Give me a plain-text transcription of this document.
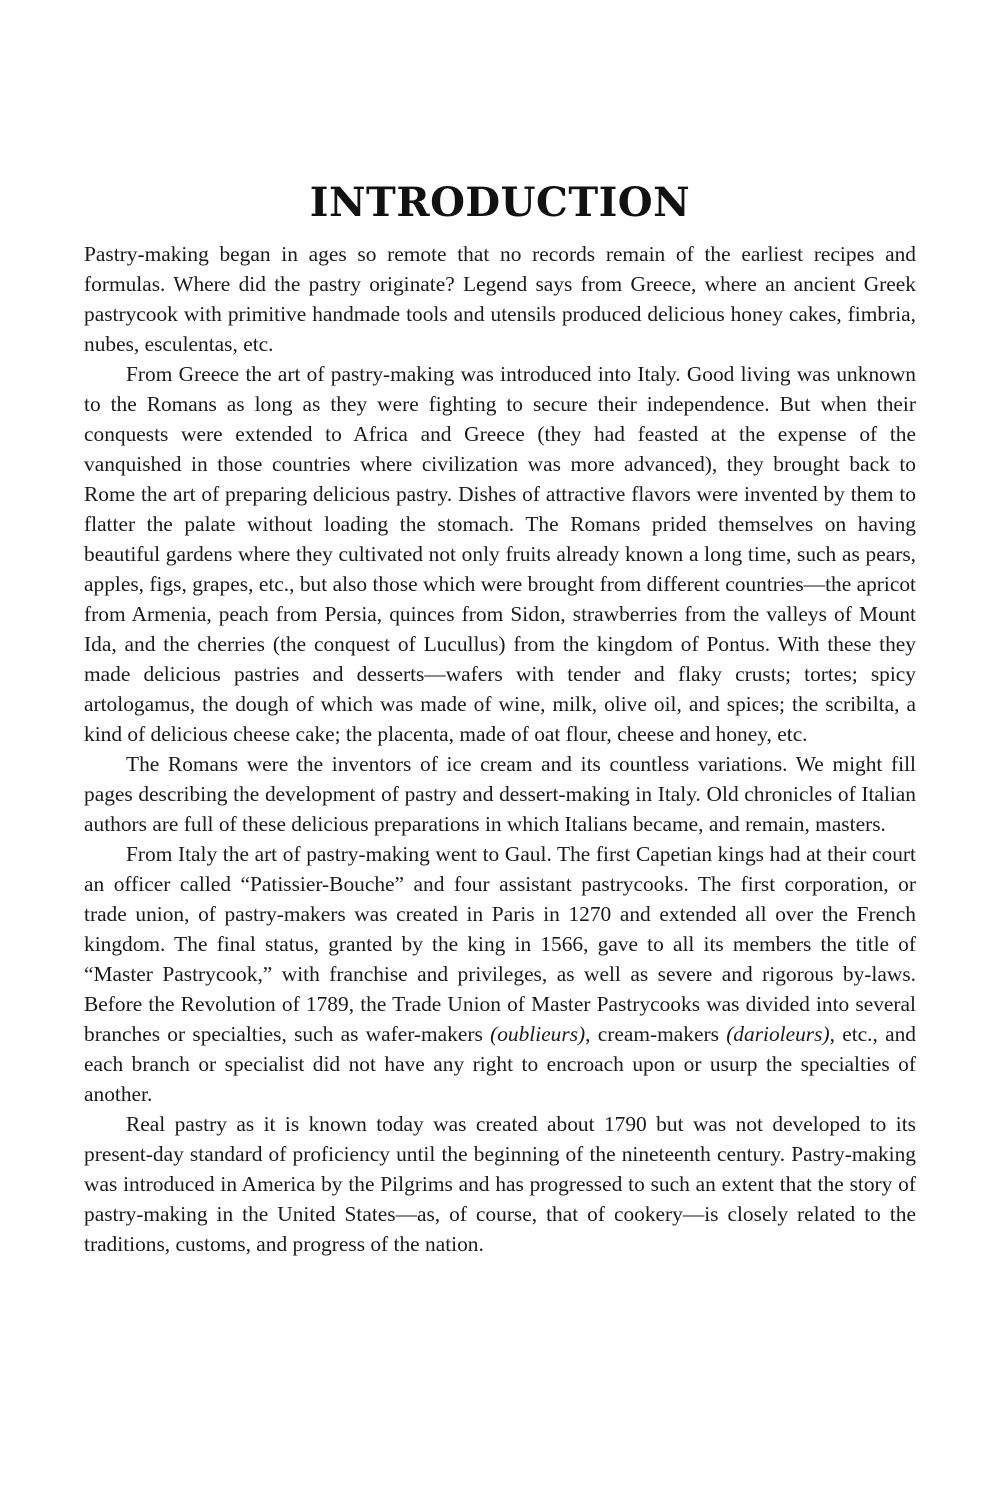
INTRODUCTION

Pastry-making began in ages so remote that no records remain of the earliest recipes and formulas. Where did the pastry originate? Legend says from Greece, where an ancient Greek pastrycook with primitive handmade tools and utensils produced delicious honey cakes, fimbria, nubes, esculentas, etc.

From Greece the art of pastry-making was introduced into Italy. Good living was unknown to the Romans as long as they were fighting to secure their independence. But when their conquests were extended to Africa and Greece (they had feasted at the expense of the vanquished in those countries where civilization was more advanced), they brought back to Rome the art of preparing delicious pastry. Dishes of attractive flavors were invented by them to flatter the palate without loading the stomach. The Romans prided themselves on having beautiful gardens where they cultivated not only fruits already known a long time, such as pears, apples, figs, grapes, etc., but also those which were brought from different countries—the apricot from Armenia, peach from Persia, quinces from Sidon, strawberries from the valleys of Mount Ida, and the cherries (the conquest of Lucullus) from the kingdom of Pontus. With these they made delicious pastries and desserts—wafers with tender and flaky crusts; tortes; spicy artologamus, the dough of which was made of wine, milk, olive oil, and spices; the scribilta, a kind of delicious cheese cake; the placenta, made of oat flour, cheese and honey, etc.

The Romans were the inventors of ice cream and its countless variations. We might fill pages describing the development of pastry and dessert-making in Italy. Old chronicles of Italian authors are full of these delicious preparations in which Italians became, and remain, masters.

From Italy the art of pastry-making went to Gaul. The first Capetian kings had at their court an officer called “Patissier-Bouche” and four assistant pastrycooks. The first corporation, or trade union, of pastry-makers was created in Paris in 1270 and extended all over the French kingdom. The final status, granted by the king in 1566, gave to all its members the title of “Master Pastrycook,” with franchise and privileges, as well as severe and rigorous by-laws. Before the Revolution of 1789, the Trade Union of Master Pastrycooks was divided into several branches or specialties, such as wafer-makers (oublieurs), cream-makers (darioleurs), etc., and each branch or specialist did not have any right to encroach upon or usurp the specialties of another.

Real pastry as it is known today was created about 1790 but was not developed to its present-day standard of proficiency until the beginning of the nineteenth century. Pastry-making was introduced in America by the Pilgrims and has progressed to such an extent that the story of pastry-making in the United States—as, of course, that of cookery—is closely related to the traditions, customs, and progress of the nation.
